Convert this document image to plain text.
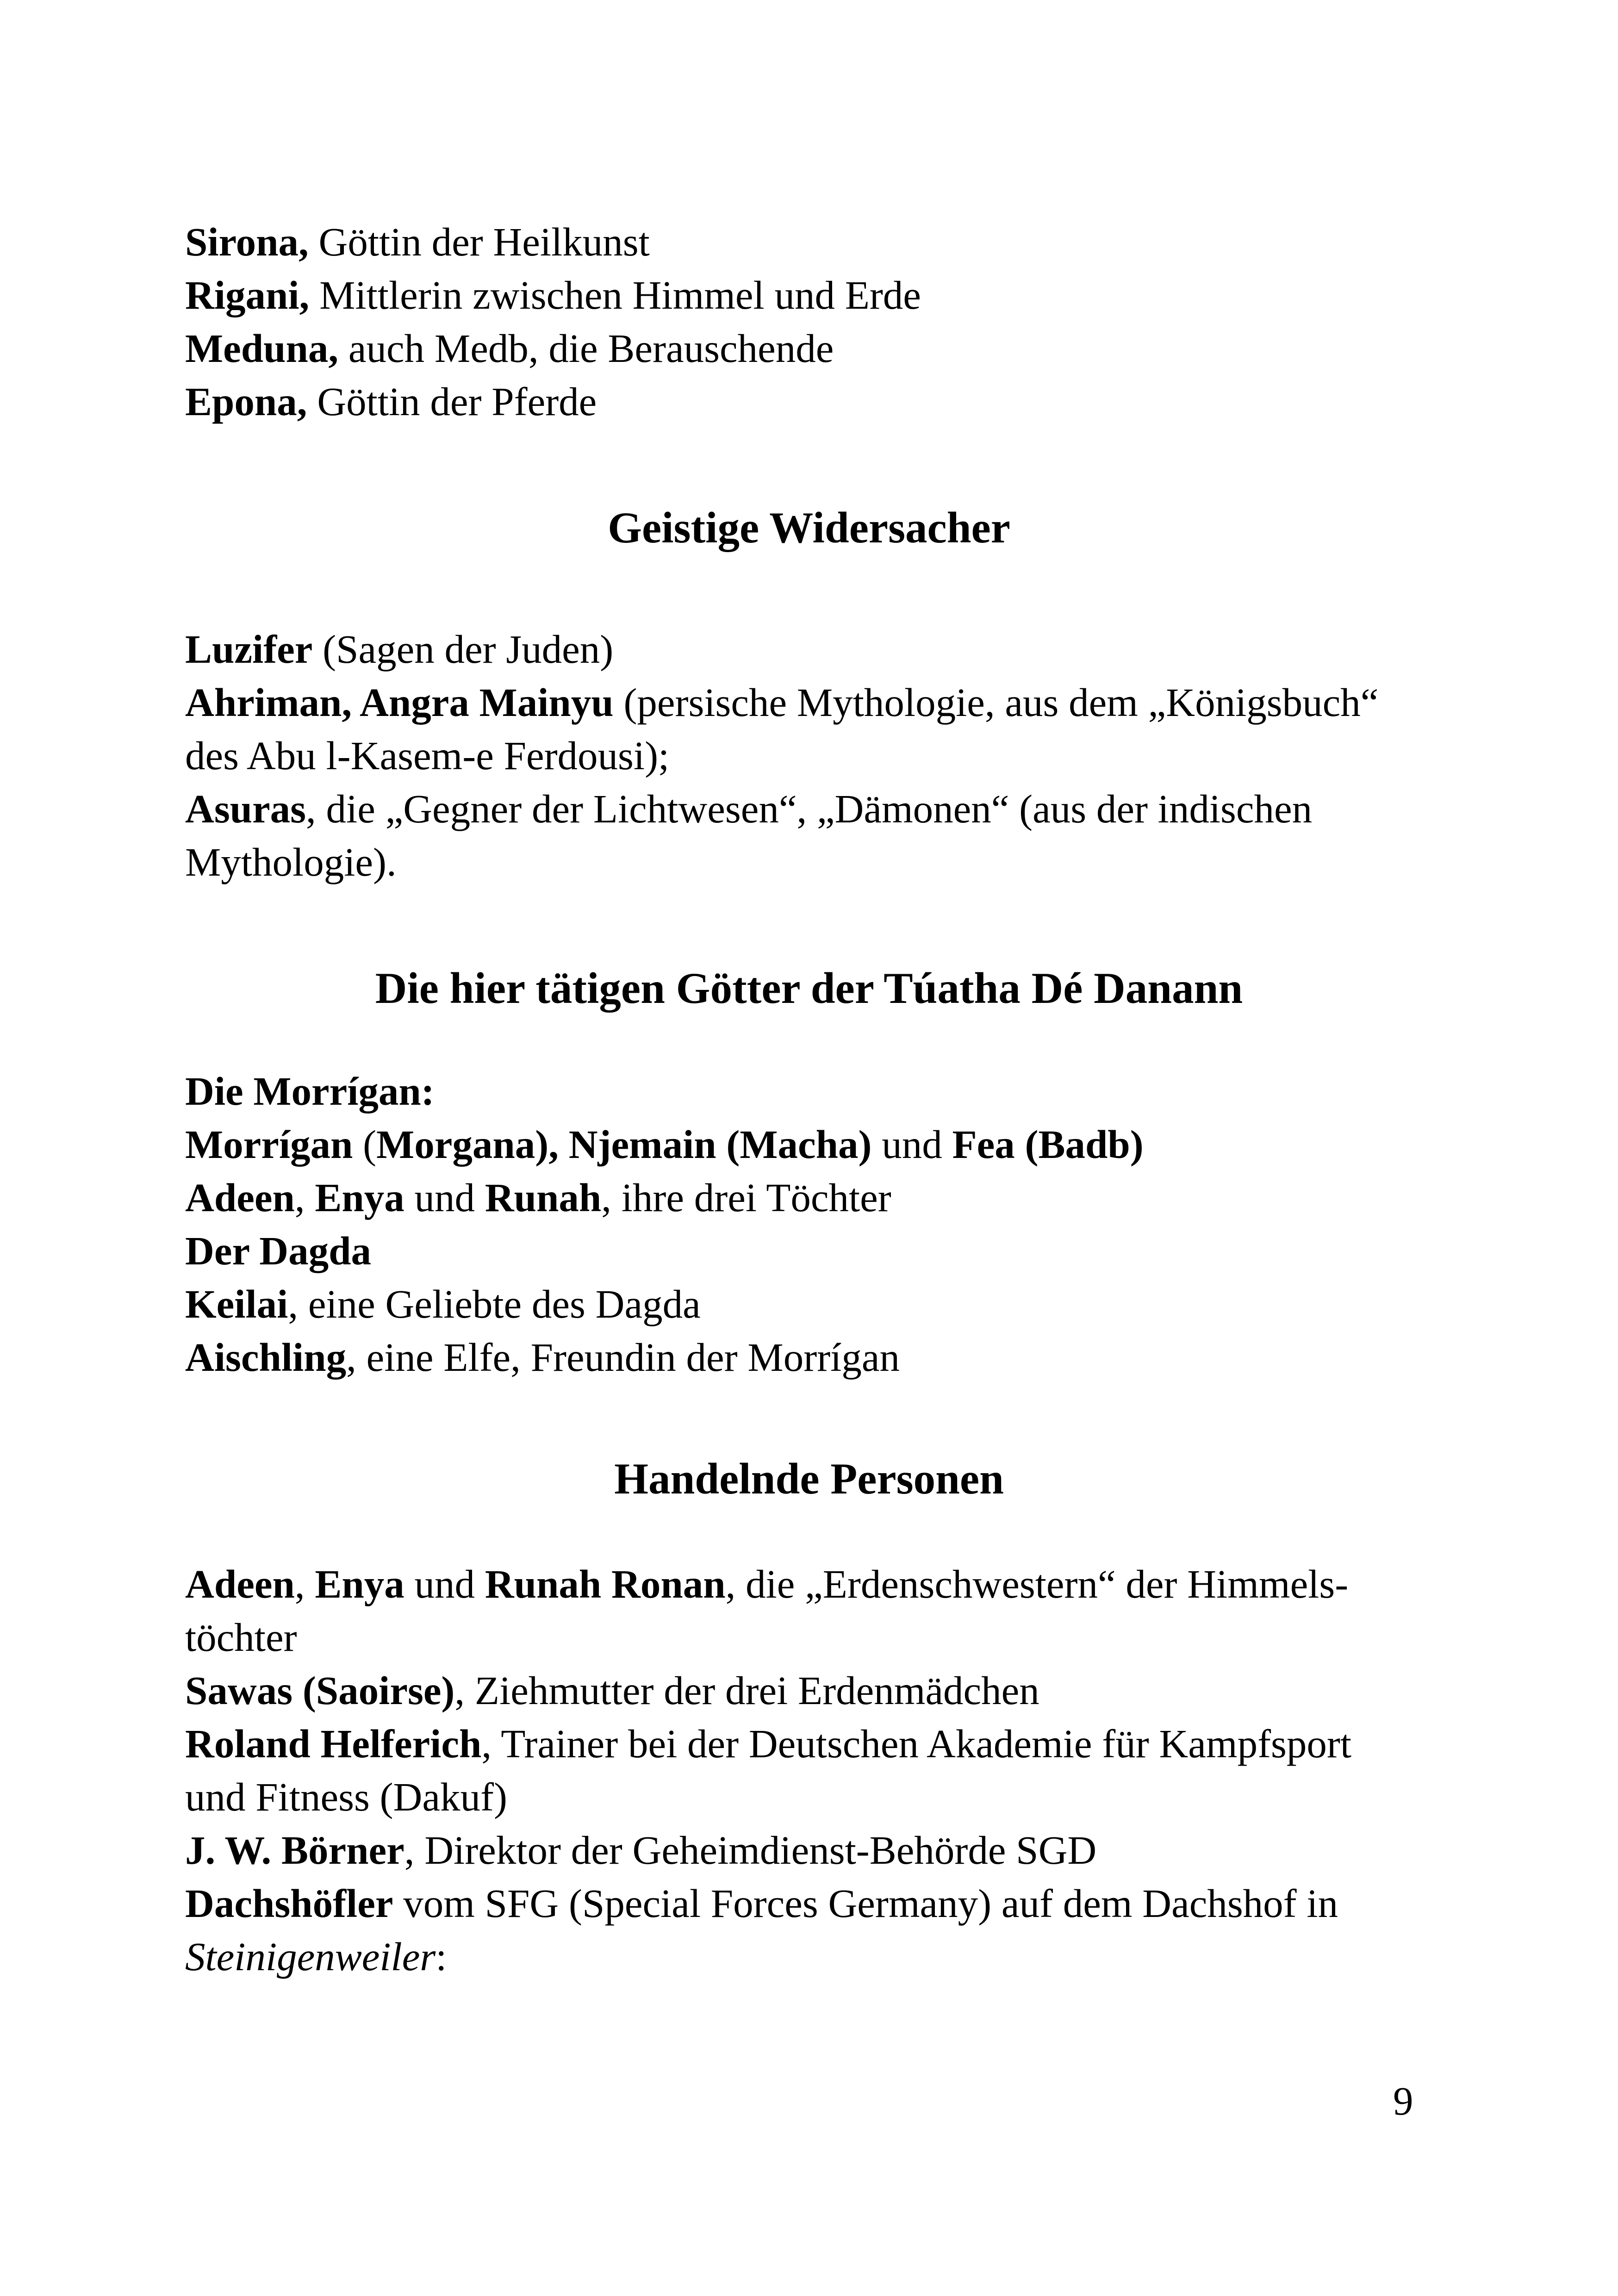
Sirona, Göttin der Heilkunst

Rigani, Mittlerin zwischen Himmel und Erde

Meduna, auch Medb, die Berauschende

Epona, Göttin der Pferde

Geistige Widersacher

Luzifer (Sagen der Juden)

Ahriman, Angra Mainyu (persische Mythologie, aus dem „Königsbuch“

des Abu l-Kasem-e Ferdousi);

Asuras, die „Gegner der Lichtwesen“, „Dämonen“ (aus der indischen

Mythologie).

Die hier tätigen Götter der Túatha Dé Danann

Die Morrígan:

Morrígan (Morgana), Njemain (Macha) und Fea (Badb)

Adeen, Enya und Runah, ihre drei Töchter

Der Dagda

Keilai, eine Geliebte des Dagda

Aischling, eine Elfe, Freundin der Morrígan

Handelnde Personen

Adeen, Enya und Runah Ronan, die „Erdenschwestern“ der Himmels-

töchter

Sawas (Saoirse), Ziehmutter der drei Erdenmädchen

Roland Helferich, Trainer bei der Deutschen Akademie für Kampfsport

und Fitness (Dakuf)

J. W. Börner, Direktor der Geheimdienst-Behörde SGD

Dachshöfler vom SFG (Special Forces Germany) auf dem Dachshof in

Steinigenweiler:

9
